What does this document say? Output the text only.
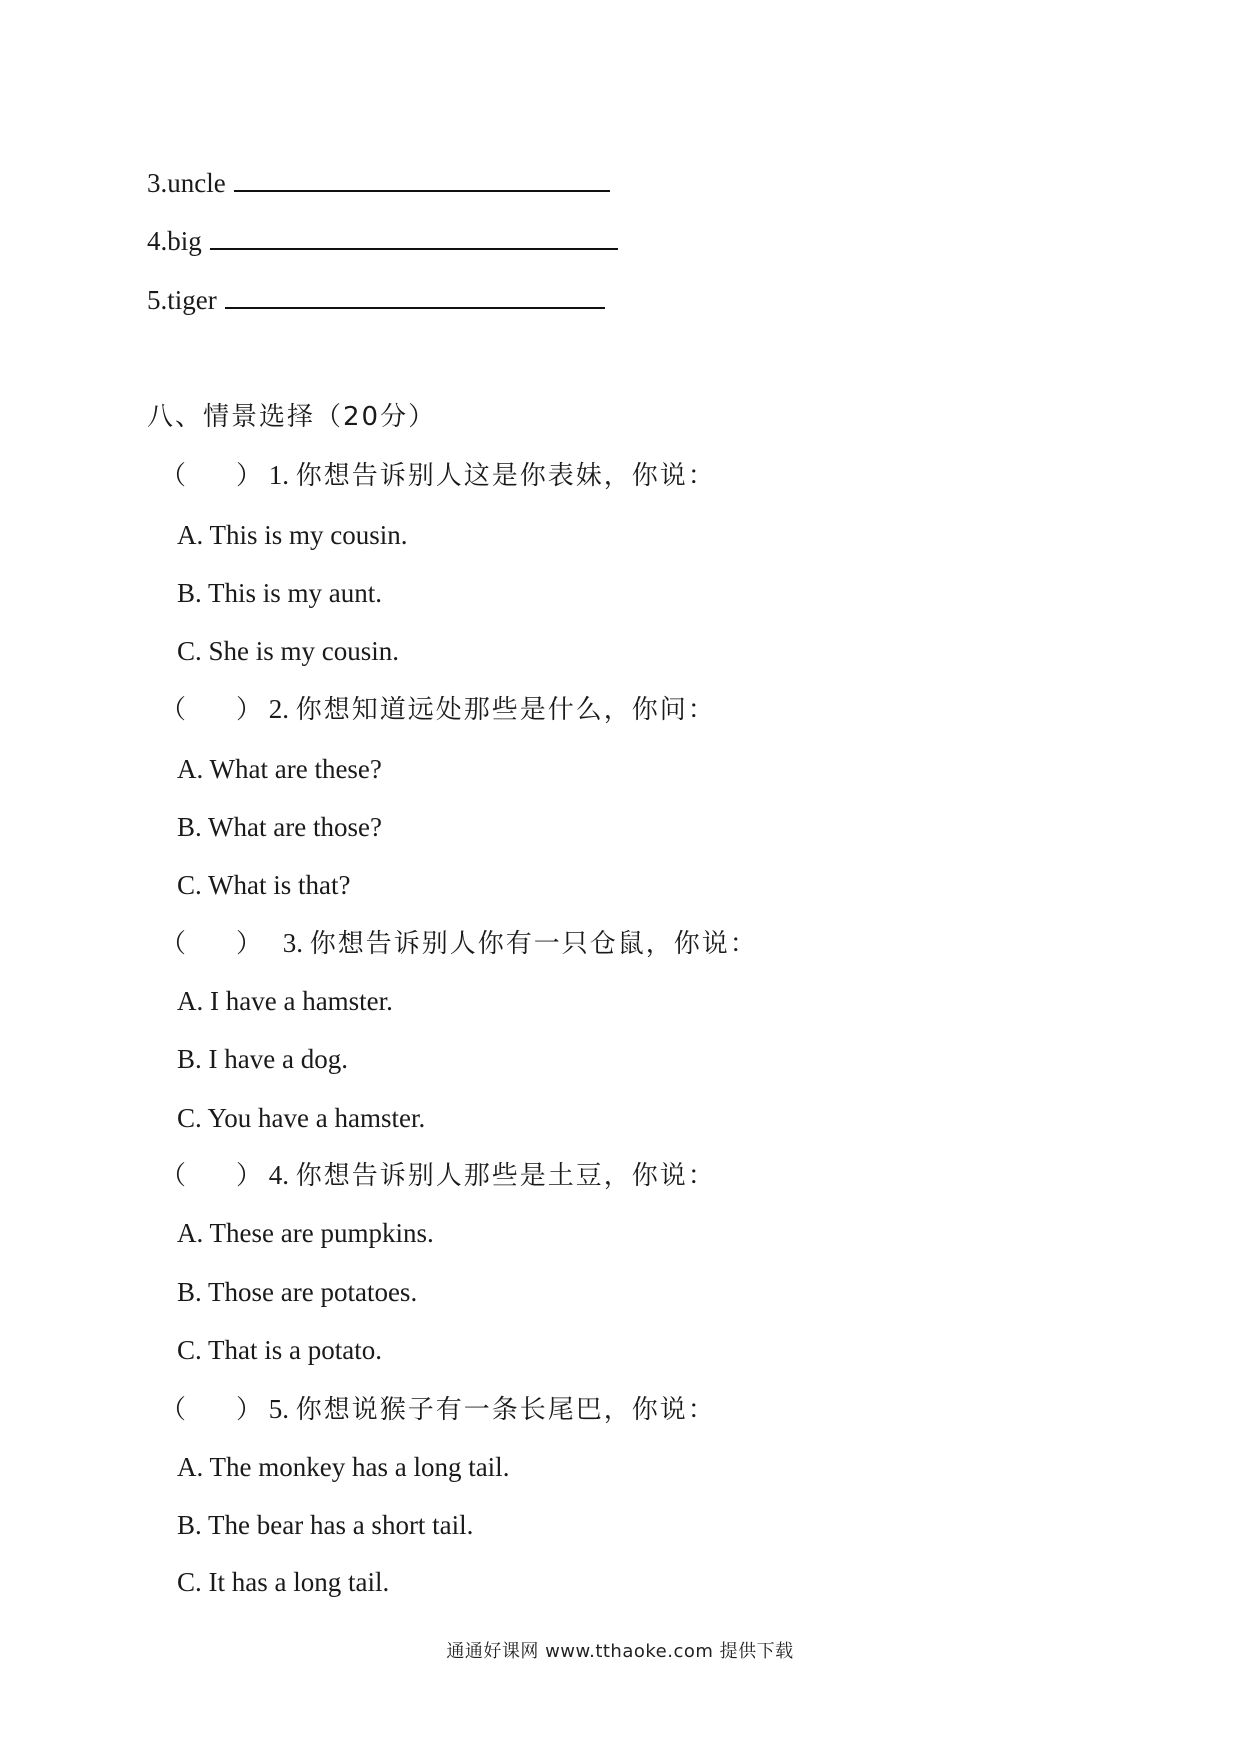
3.uncle
4.big
5.tiger
八、情景选择（20分）
（ ） 1. 你想告诉别人这是你表妹，你说：
A. This is my cousin.
B. This is my aunt.
C. She is my cousin.
（ ） 2. 你想知道远处那些是什么，你问：
A. What are these?
B. What are those?
C. What is that?
（ ） 3. 你想告诉别人你有一只仓鼠，你说：
A. I have a hamster.
B. I have a dog.
C. You have a hamster.
（ ） 4. 你想告诉别人那些是土豆，你说：
A. These are pumpkins.
B. Those are potatoes.
C. That is a potato.
（ ） 5. 你想说猴子有一条长尾巴，你说：
A. The monkey has a long tail.
B. The bear has a short tail.
C. It has a long tail.
通通好课网 www.tthaoke.com 提供下载
